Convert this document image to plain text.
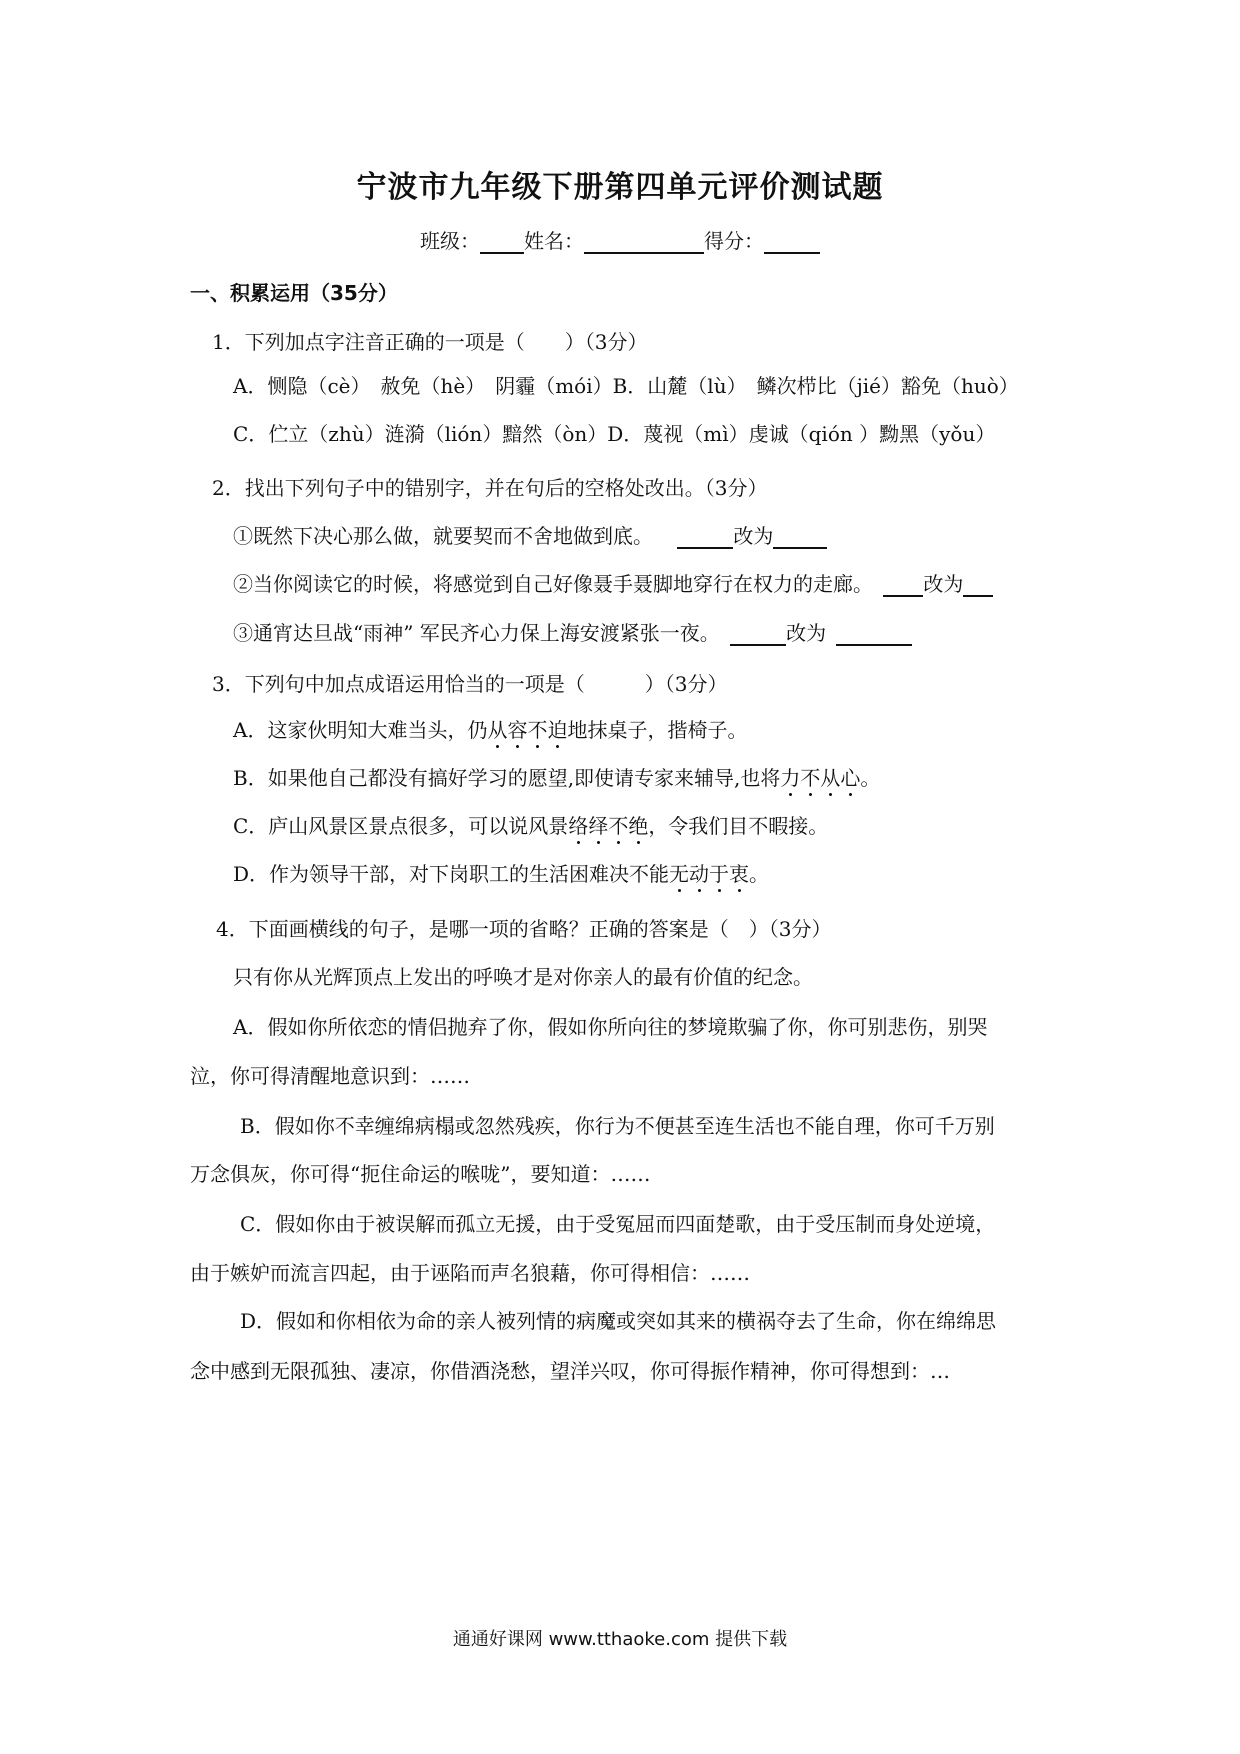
宁波市九年级下册第四单元评价测试题
班级： 姓名：	得分：
一、积累运用（35分）
1．下列加点字注音正确的一项是（　　）（3分）
A．恻隐（cè）　赦免（hè）　阴霾（mói）B．山麓（lù）　鳞次栉比（jié）豁免（huò）
C．伫立（zhù）涟漪（lión）黯然（òn）D．蔑视（mì）虔诚（qión ）黝黑（yǒu）
2．找出下列句子中的错别字，并在句后的空格处改出。（3分）
①既然下决心那么做，就要契而不舍地做到底。	改为
②当你阅读它的时候，将感觉到自己好像聂手聂脚地穿行在权力的走廊。	改为
③通宵达旦战“雨神” 军民齐心力保上海安渡紧张一夜。	改为
3．下列句中加点成语运用恰当的一项是（　　　）（3分）
A．这家伙明知大难当头，仍从容不迫地抹桌子，揩椅子。
B．如果他自己都没有搞好学习的愿望,即使请专家来辅导,也将力不从心。
C．庐山风景区景点很多，可以说风景络绎不绝，令我们目不暇接。
D．作为领导干部，对下岗职工的生活困难决不能无动于衷。
4．下面画横线的句子，是哪一项的省略？正确的答案是（　）（3分）
只有你从光辉顶点上发出的呼唤才是对你亲人的最有价值的纪念。
A．假如你所依恋的情侣抛弃了你，假如你所向往的梦境欺骗了你，你可别悲伤，别哭
泣，你可得清醒地意识到：……
B．假如你不幸缠绵病榻或忽然残疾，你行为不便甚至连生活也不能自理，你可千万别
万念俱灰，你可得“扼住命运的喉咙”，要知道：……
C．假如你由于被误解而孤立无援，由于受冤屈而四面楚歌，由于受压制而身处逆境，
由于嫉妒而流言四起，由于诬陷而声名狼藉，你可得相信：……
D．假如和你相依为命的亲人被列情的病魔或突如其来的横祸夺去了生命，你在绵绵思
念中感到无限孤独、凄凉，你借酒浇愁，望洋兴叹，你可得振作精神，你可得想到：…
通通好课网 www.tthaoke.com 提供下载
